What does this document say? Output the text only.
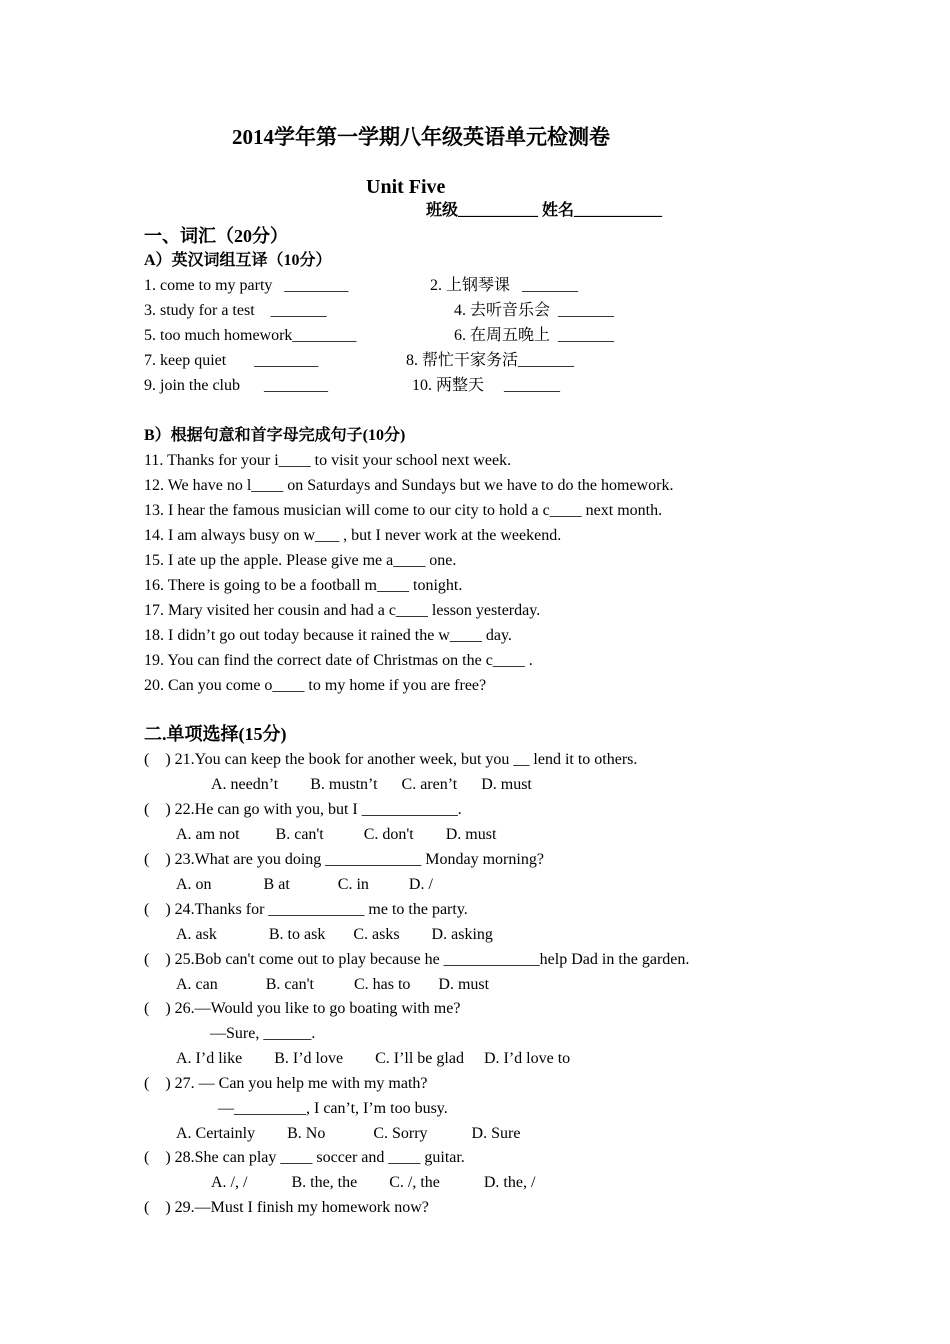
2014学年第一学期八年级英语单元检测卷
Unit Five
班级__________ 姓名___________
一、词汇（20分）
A）英汉词组互译（10分）
1. come to my party   ________	2. 上钢琴课   _______
3. study for a test    _______	4. 去听音乐会  _______
5. too much homework________	6. 在周五晚上  _______
7. keep quiet       ________	8. 帮忙干家务活_______
9. join the club      ________	10. 两整天     _______
B）根据句意和首字母完成句子(10分)
11. Thanks for your i____ to visit your school next week.
12. We have no l____ on Saturdays and Sundays but we have to do the homework.
13. I hear the famous musician will come to our city to hold a c____ next month.
14. I am always busy on w___ , but I never work at the weekend.
15. I ate up the apple. Please give me a____ one.
16. There is going to be a football m____ tonight.
17. Mary visited her cousin and had a c____ lesson yesterday.
18. I didn’t go out today because it rained the w____ day.
19. You can find the correct date of Christmas on the c____ .
20. Can you come o____ to my home if you are free?
二.单项选择(15分)
(    ) 21.You can keep the book for another week, but you __ lend it to others.
A. needn’t        B. mustn’t      C. aren’t      D. must
(    ) 22.He can go with you, but I ____________.
A. am not         B. can't          C. don't        D. must
(    ) 23.What are you doing ____________ Monday morning?
A. on             B at            C. in          D. /
(    ) 24.Thanks for ____________ me to the party.
A. ask             B. to ask       C. asks        D. asking
(    ) 25.Bob can't come out to play because he ____________help Dad in the garden.
A. can            B. can't          C. has to       D. must
(    ) 26.—Would you like to go boating with me?
—Sure, ______.
A. I’d like        B. I’d love        C. I’ll be glad     D. I’d love to
(    ) 27. — Can you help me with my math?
—_________, I can’t, I’m too busy.
A. Certainly        B. No            C. Sorry           D. Sure
(    ) 28.She can play ____ soccer and ____ guitar.
A. /, /           B. the, the        C. /, the           D. the, /
(    ) 29.—Must I finish my homework now?
